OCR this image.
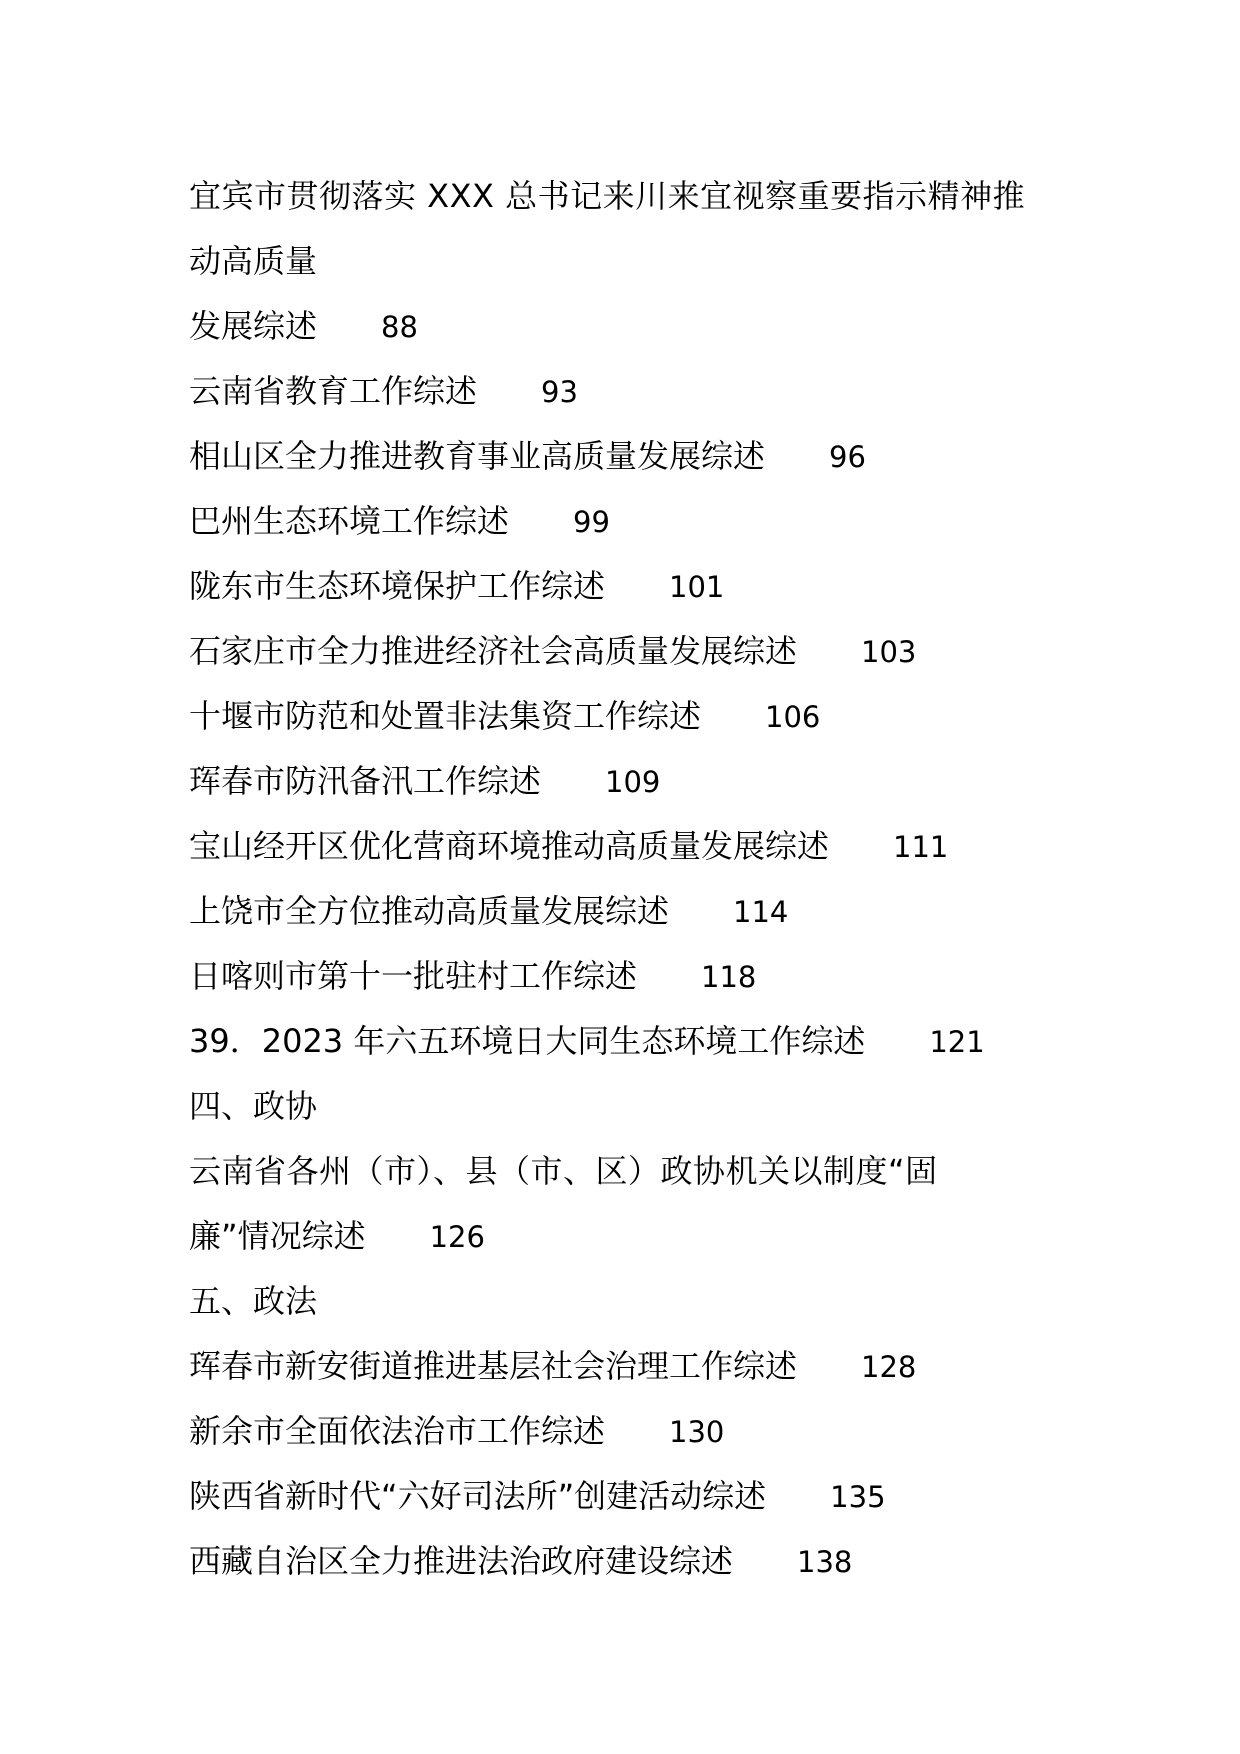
宜宾市贯彻落实 XXX 总书记来川来宜视察重要指示精神推
动高质量
发展综述 88
云南省教育工作综述 93
相山区全力推进教育事业高质量发展综述 96
巴州生态环境工作综述 99
陇东市生态环境保护工作综述 101
石家庄市全力推进经济社会高质量发展综述 103
十堰市防范和处置非法集资工作综述 106
珲春市防汛备汛工作综述 109
宝山经开区优化营商环境推动高质量发展综述 111
上饶市全方位推动高质量发展综述 114
日喀则市第十一批驻村工作综述 118
39．2023 年六五环境日大同生态环境工作综述 121
四、政协
云南省各州（市）、县（市、区）政协机关以制度“固
廉”情况综述 126
五、政法
珲春市新安街道推进基层社会治理工作综述 128
新余市全面依法治市工作综述 130
陕西省新时代“六好司法所”创建活动综述 135
西藏自治区全力推进法治政府建设综述 138
